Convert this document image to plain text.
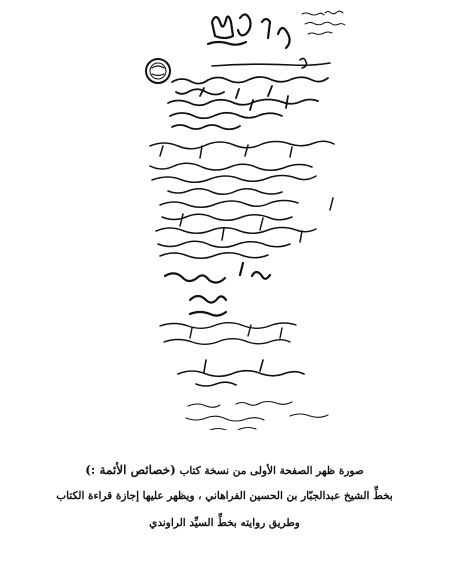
صورة ظهر الصفحة الأولى من نسخة كتاب (خصائص الأئمة :)
بخطِّ الشيخ عبدالجبّار بن الحسين الفراهاني ، ويظهر عليها إجازة قراءة الكتاب
وطريق روايته بخطِّ السيِّد الراوندي
